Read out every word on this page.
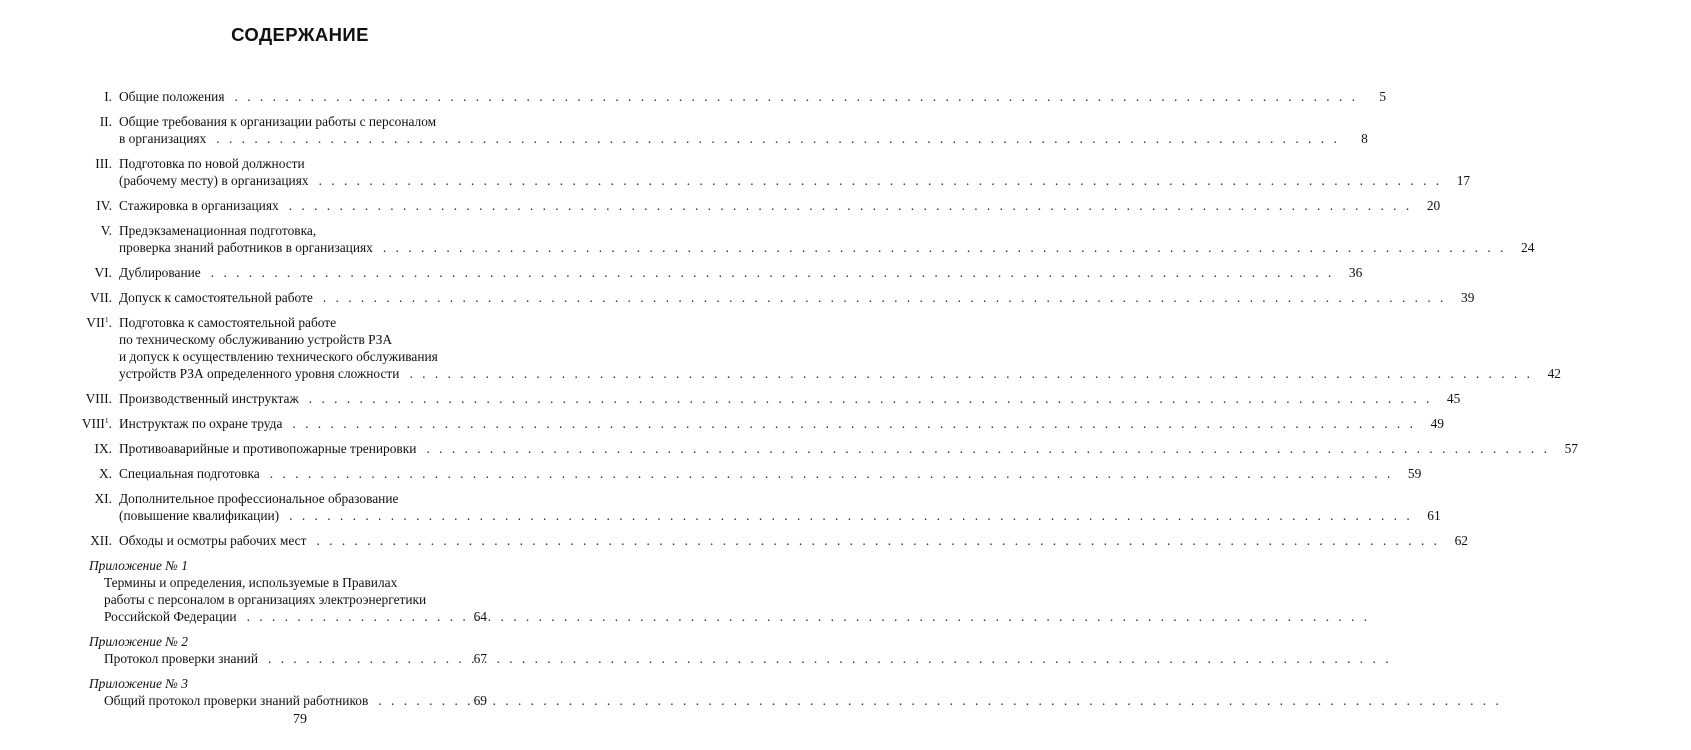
СОДЕРЖАНИЕ
I. Общие положения . . .	5
II. Общие требования к организации работы с персоналом
в организациях . . .	8
III. Подготовка по новой должности
(рабочему месту) в организациях . . .	17
IV. Стажировка в организациях . . .	20
V. Предэкзаменационная подготовка,
проверка знаний работников в организациях . . .	24
VI. Дублирование . . .	36
VII. Допуск к самостоятельной работе . . .	39
VII$^1$. Подготовка к самостоятельной работе
по техническому обслуживанию устройств РЗА
и допуск к осуществлению технического обслуживания
устройств РЗА определенного уровня сложности . . .	42
VIII. Производственный инструктаж . . .	45
VIII$^1$. Инструктаж по охране труда . . .	49
IX. Противоаварийные и противопожарные тренировки . . .	57
X. Специальная подготовка . . .	59
XI. Дополнительное профессиональное образование
(повышение квалификации) . . .	61
XII. Обходы и осмотры рабочих мест . . .	62
Приложение № 1
Термины и определения, используемые в Правилах
работы с персоналом в организациях электроэнергетики
Российской Федерации . . .	64
Приложение № 2
Протокол проверки знаний . . .	67
Приложение № 3
Общий протокол проверки знаний работников . . .	69
79
